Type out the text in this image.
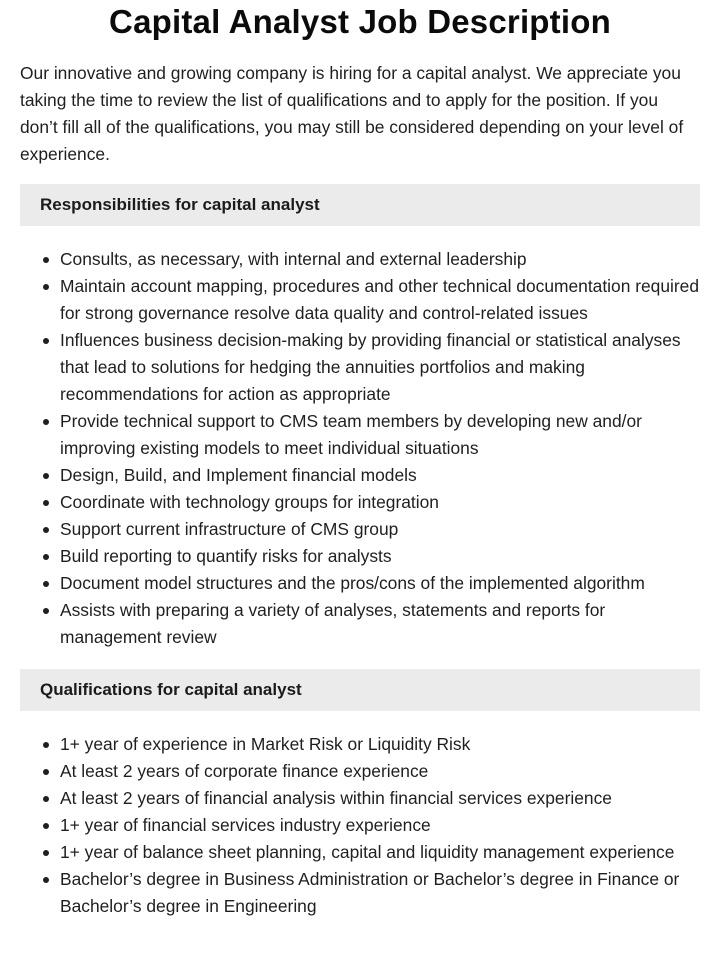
Capital Analyst Job Description

Our innovative and growing company is hiring for a capital analyst. We appreciate you taking the time to review the list of qualifications and to apply for the position. If you don’t fill all of the qualifications, you may still be considered depending on your level of experience.

Responsibilities for capital analyst
Consults, as necessary, with internal and external leadership
Maintain account mapping, procedures and other technical documentation required for strong governance resolve data quality and control-related issues
Influences business decision-making by providing financial or statistical analyses that lead to solutions for hedging the annuities portfolios and making recommendations for action as appropriate
Provide technical support to CMS team members by developing new and/or improving existing models to meet individual situations
Design, Build, and Implement financial models
Coordinate with technology groups for integration
Support current infrastructure of CMS group
Build reporting to quantify risks for analysts
Document model structures and the pros/cons of the implemented algorithm
Assists with preparing a variety of analyses, statements and reports for management review
Qualifications for capital analyst
1+ year of experience in Market Risk or Liquidity Risk
At least 2 years of corporate finance experience
At least 2 years of financial analysis within financial services experience
1+ year of financial services industry experience
1+ year of balance sheet planning, capital and liquidity management experience
Bachelor’s degree in Business Administration or Bachelor’s degree in Finance or Bachelor’s degree in Engineering
